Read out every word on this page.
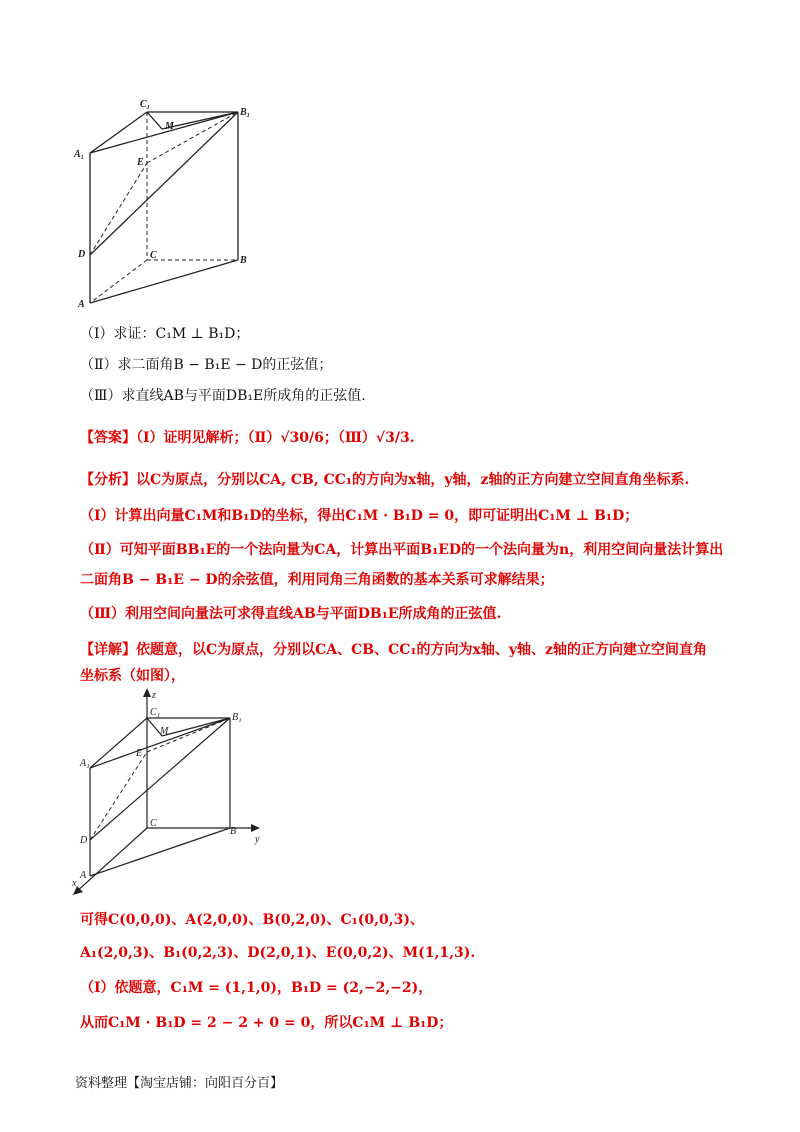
C₁
B₁
M
A₁
E
D	C	B
A
（Ⅰ）求证：C₁M ⊥ B₁D；
（Ⅱ）求二面角B − B₁E − D的正弦值；
（Ⅲ）求直线AB与平面DB₁E所成角的正弦值.
【答案】（Ⅰ）证明见解析；（Ⅱ）√30/6；（Ⅲ）√3/3.
【分析】以C为原点，分别以CA, CB, CC₁的方向为x轴，y轴，z轴的正方向建立空间直角坐标系.
（Ⅰ）计算出向量C₁M和B₁D的坐标，得出C₁M · B₁D = 0，即可证明出C₁M ⊥ B₁D；
（Ⅱ）可知平面BB₁E的一个法向量为CA，计算出平面B₁ED的一个法向量为n，利用空间向量法计算出
二面角B − B₁E − D的余弦值，利用同角三角函数的基本关系可求解结果；
（Ⅲ）利用空间向量法可求得直线AB与平面DB₁E所成角的正弦值.
【详解】依题意，以C为原点，分别以CA、CB、CC₁的方向为x轴、y轴、z轴的正方向建立空间直角
坐标系（如图），
z
C₁	B₁
M
A₁
E
D
C
B
y
A
x
可得C(0,0,0)、A(2,0,0)、B(0,2,0)、C₁(0,0,3)、
A₁(2,0,3)、B₁(0,2,3)、D(2,0,1)、E(0,0,2)、M(1,1,3).
（Ⅰ）依题意，C₁M = (1,1,0)，B₁D = (2,−2,−2)，
从而C₁M · B₁D = 2 − 2 + 0 = 0，所以C₁M ⊥ B₁D；
资料整理【淘宝店铺：向阳百分百】
